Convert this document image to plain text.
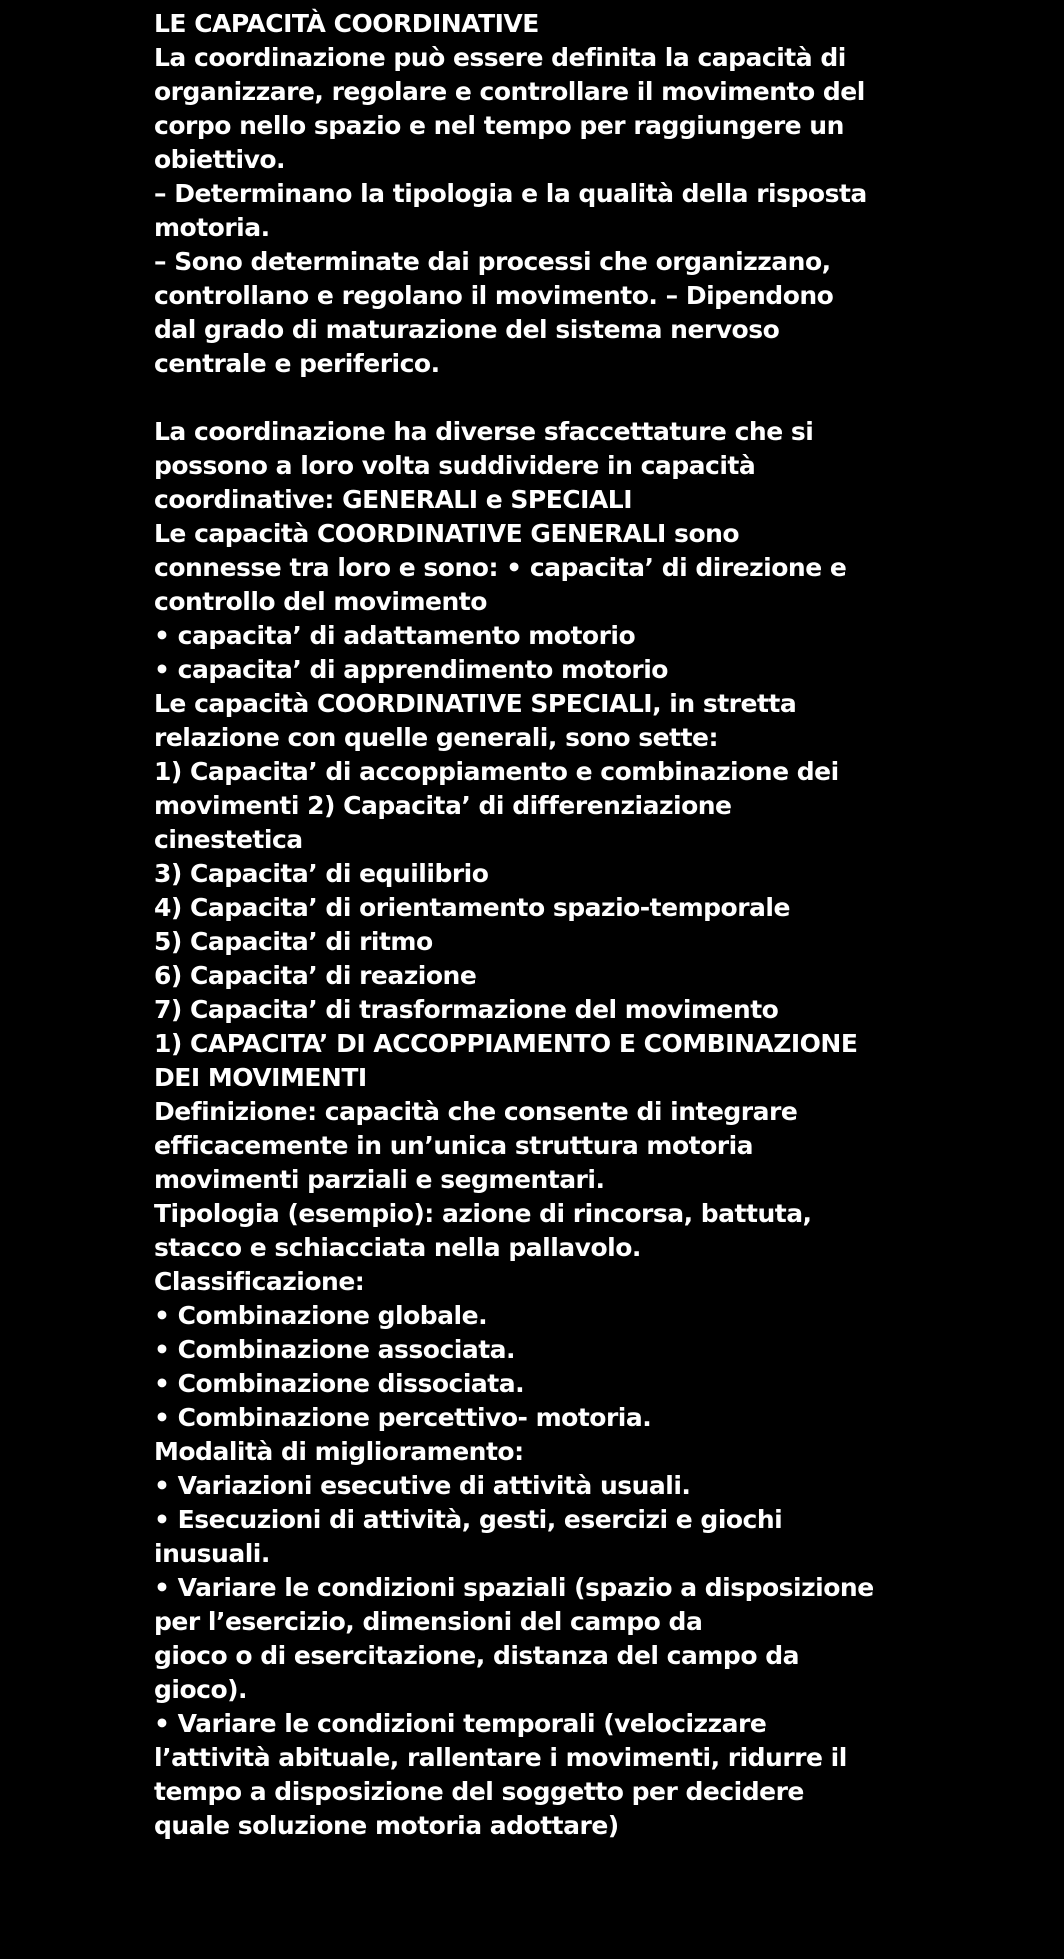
LE CAPACITÀ COORDINATIVE
La coordinazione può essere definita la capacità di
organizzare, regolare e controllare il movimento del
corpo nello spazio e nel tempo per raggiungere un
obiettivo.
– Determinano la tipologia e la qualità della risposta
motoria.
– Sono determinate dai processi che organizzano,
controllano e regolano il movimento. – Dipendono
dal grado di maturazione del sistema nervoso
centrale e periferico.
La coordinazione ha diverse sfaccettature che si
possono a loro volta suddividere in capacità
coordinative: GENERALI e SPECIALI
Le capacità COORDINATIVE GENERALI sono
connesse tra loro e sono: • capacita’ di direzione e
controllo del movimento
• capacita’ di adattamento motorio
• capacita’ di apprendimento motorio
Le capacità COORDINATIVE SPECIALI, in stretta
relazione con quelle generali, sono sette:
1) Capacita’ di accoppiamento e combinazione dei
movimenti 2) Capacita’ di differenziazione
cinestetica
3) Capacita’ di equilibrio
4) Capacita’ di orientamento spazio-temporale
5) Capacita’ di ritmo
6) Capacita’ di reazione
7) Capacita’ di trasformazione del movimento
1) CAPACITA’ DI ACCOPPIAMENTO E COMBINAZIONE
DEI MOVIMENTI
Definizione: capacità che consente di integrare
efficacemente in un’unica struttura motoria
movimenti parziali e segmentari.
Tipologia (esempio): azione di rincorsa, battuta,
stacco e schiacciata nella pallavolo.
Classificazione:
• Combinazione globale.
• Combinazione associata.
• Combinazione dissociata.
• Combinazione percettivo- motoria.
Modalità di miglioramento:
• Variazioni esecutive di attività usuali.
• Esecuzioni di attività, gesti, esercizi e giochi
inusuali.
• Variare le condizioni spaziali (spazio a disposizione
per l’esercizio, dimensioni del campo da
gioco o di esercitazione, distanza del campo da
gioco).
• Variare le condizioni temporali (velocizzare
l’attività abituale, rallentare i movimenti, ridurre il
tempo a disposizione del soggetto per decidere
quale soluzione motoria adottare)
